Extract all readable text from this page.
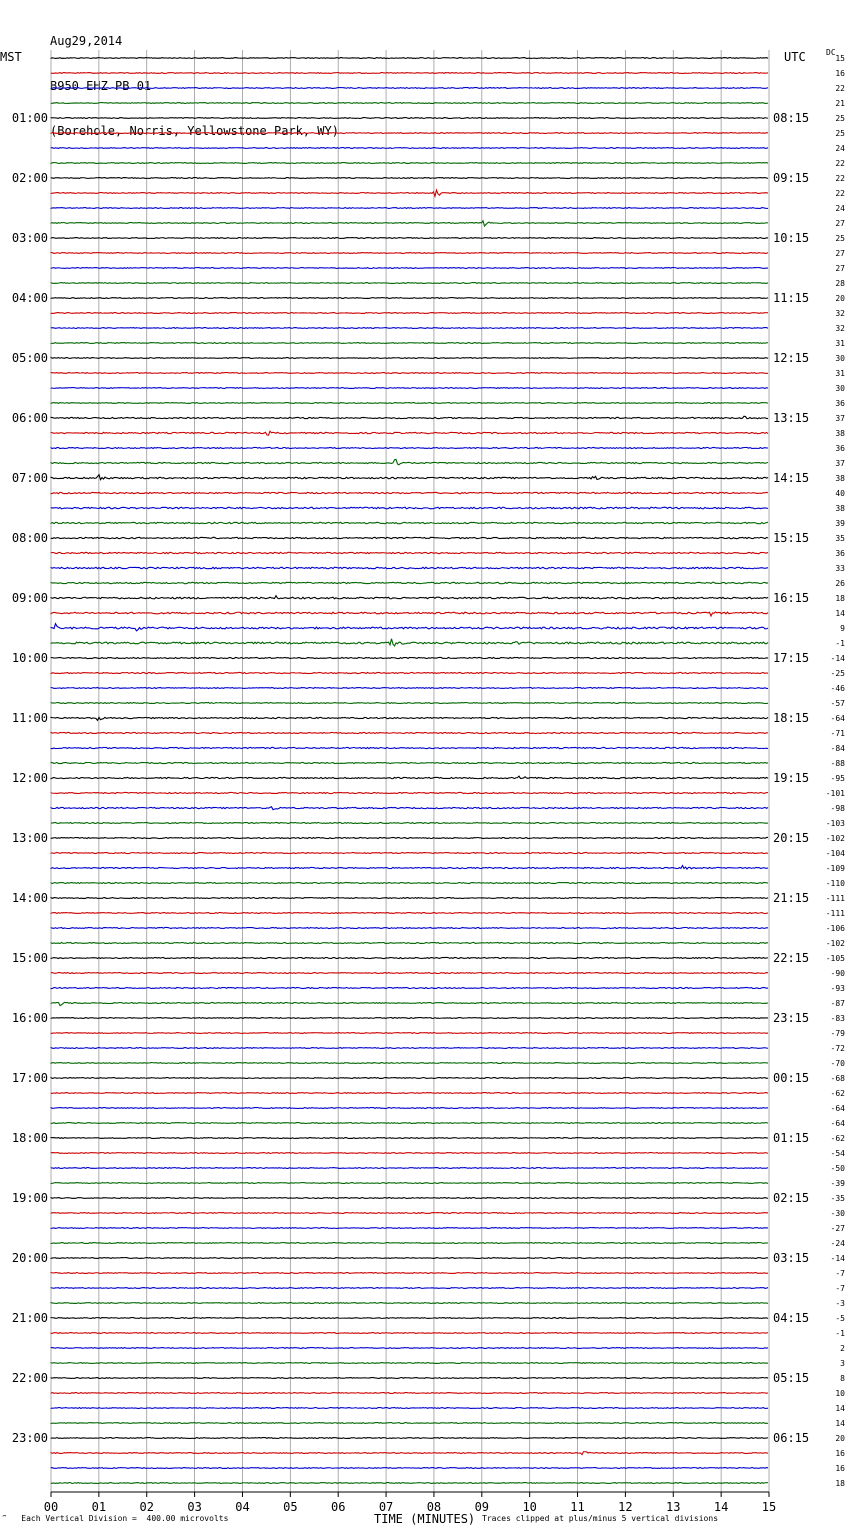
Aug29,2014

B950 EHZ PB 01

(Borehole, Norris, Yellowstone Park, WY)

MST	UTC	DC
00	01	02	03	04	05	06	07	08	09	10	11	12	13	14	15
15
16
22
21
25
25
24
22
22
22
24
27
25
27
27
28
20
32
32
31
30
31
30
36
37
38
36
37
38
40
38
39
35
36
33
26
18
14
9
-1
-14
-25
-46
-57
-64
-71
-84
-88
-95
-101
-98
-103
-102
-104
-109
-110
-111
-111
-106
-102
-105
-90
-93
-87
-83
-79
-72
-70
-68
-62
-64
-64
-62
-54
-50
-39
-35
-30
-27
-24
-14
-7
-7
-3
-5
-1
2
3
8
10
14
14
20
16
16
18
01:00
02:00
03:00
04:00
05:00
06:00
07:00
08:00
09:00
10:00
11:00
12:00
13:00
14:00
15:00
16:00
17:00
18:00
19:00
20:00
21:00
22:00
23:00
08:15
09:15
10:15
11:15
12:15
13:15
14:15
15:15
16:15
17:15
18:15
19:15
20:15
21:15
22:15
23:15
00:15
01:15
02:15
03:15
04:15
05:15
06:15
‴ Each Vertical Division =  400.00 microvolts	TIME (MINUTES) Traces clipped at plus/minus 5 vertical divisions
